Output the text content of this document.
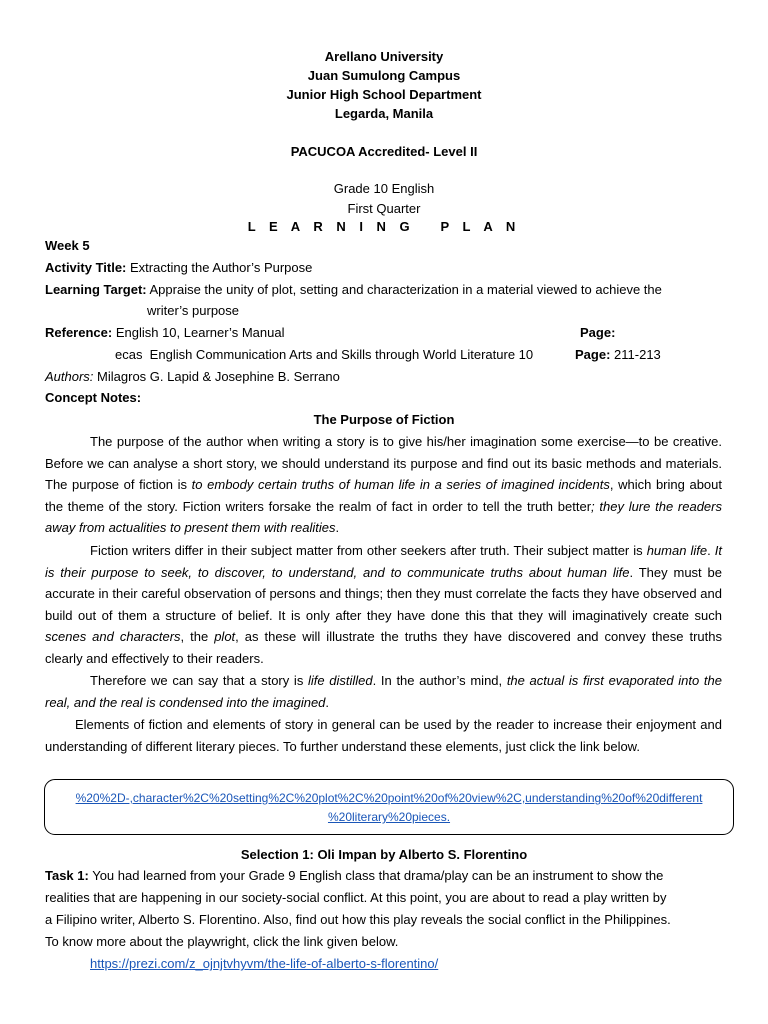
Arellano University
Juan Sumulong Campus
Junior High School Department
Legarda, Manila
PACUCOA Accredited- Level II
Grade 10 English
First Quarter
L E A R N I N G   P L A N
Week 5
Activity Title: Extracting the Author’s Purpose
Learning Target: Appraise the unity of plot, setting and characterization in a material viewed to achieve the
writer’s purpose
Reference: English 10, Learner’s Manual	Page:
ecas  English Communication Arts and Skills through World Literature 10	Page: 211-213
Authors: Milagros G. Lapid & Josephine B. Serrano
Concept Notes:
The Purpose of Fiction

The purpose of the author when writing a story is to give his/her imagination some exercise—to be creative. Before we can analyse a short story, we should understand its purpose and find out its basic methods and materials. The purpose of fiction is to embody certain truths of human life in a series of imagined incidents, which bring about the theme of the story. Fiction writers forsake the realm of fact in order to tell the truth better; they lure the readers away from actualities to present them with realities.

Fiction writers differ in their subject matter from other seekers after truth. Their subject matter is human life. It is their purpose to seek, to discover, to understand, and to communicate truths about human life. They must be accurate in their careful observation of persons and things; then they must correlate the facts they have observed and build out of them a structure of belief. It is only after they have done this that they will imaginatively create such scenes and characters, the plot, as these will illustrate the truths they have discovered and convey these truths clearly and effectively to their readers.

Therefore we can say that a story is life distilled. In the author’s mind, the actual is first evaporated into the real, and the real is condensed into the imagined.

Elements of fiction and elements of story in general can be used by the reader to increase their enjoyment and understanding of different literary pieces. To further understand these elements, just click the link below.

%20%2D-,character%2C%20setting%2C%20plot%2C%20point%20of%20view%2C,understanding%20of%20different
%20literary%20pieces.
Selection 1: Oli Impan by Alberto S. Florentino
Task 1: You had learned from your Grade 9 English class that drama/play can be an instrument to show the
realities that are happening in our society-social conflict. At this point, you are about to read a play written by
a Filipino writer, Alberto S. Florentino. Also, find out how this play reveals the social conflict in the Philippines.
To know more about the playwright, click the link given below.
https://prezi.com/z_ojnjtvhyvm/the-life-of-alberto-s-florentino/
